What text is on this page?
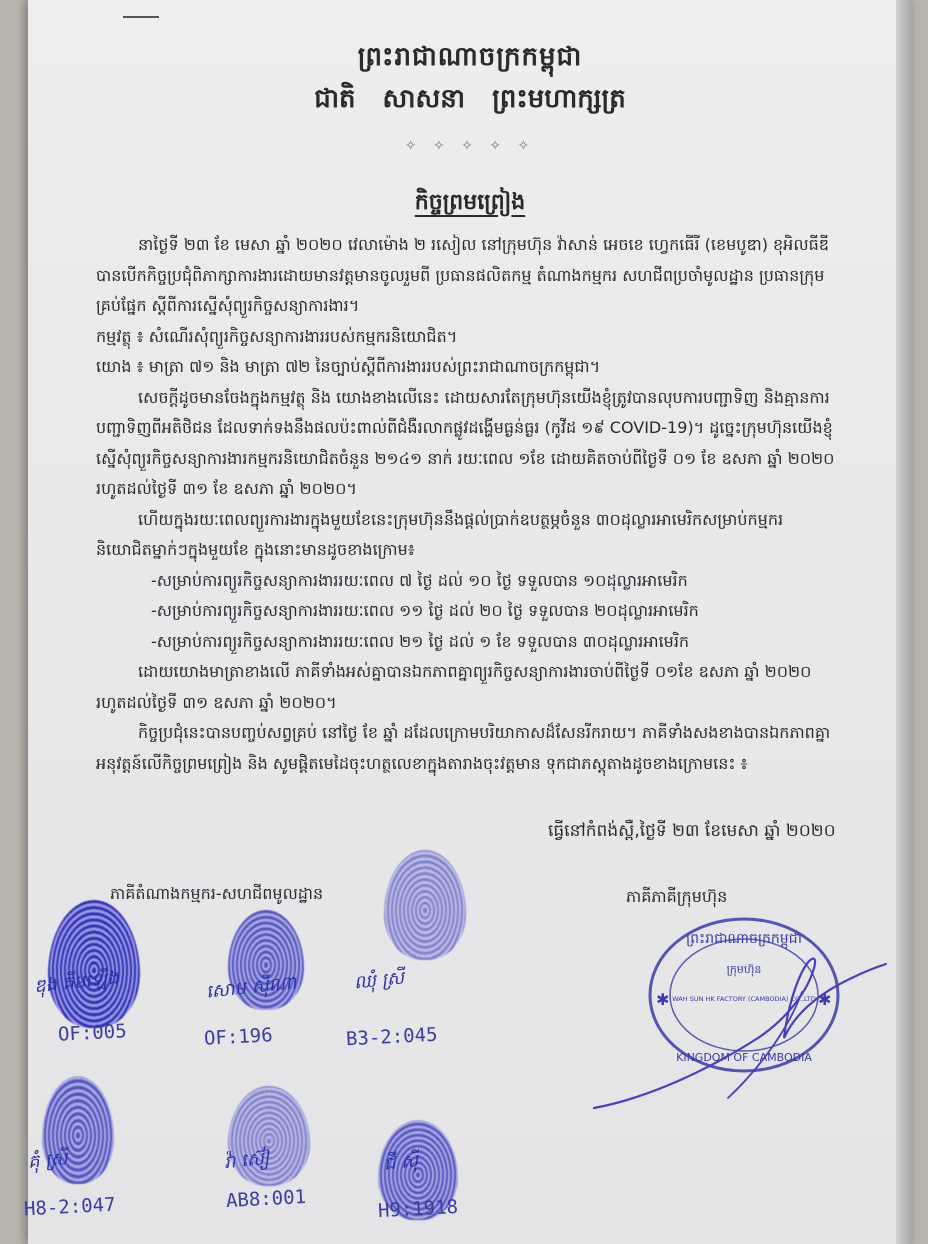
ព្រះរាជាណាចក្រកម្ពុជា
ជាតិ សាសនា ព្រះមហាក្សត្រ
✧ ✧ ✧ ✧ ✧
កិច្ចព្រមព្រៀង

នាថ្ងៃទី ២៣ ខែ មេសា ឆ្នាំ ២០២០ វេលាម៉ោង ២ រសៀល នៅក្រុមហ៊ុន វ៉ាសាន់ អេចខេ ហ្វេកធើរី (ខេមបូឌា) ខុអិលធីឌី បានបើកកិច្ចប្រជុំពិភាក្សាការងារដោយមានវត្តមានចូលរួមពី ប្រធានផលិតកម្ម តំណាងកម្មករ សហជីពប្រចាំមូលដ្ឋាន ប្រធានក្រុមគ្រប់ផ្នែក ស្តីពីការស្នើសុំព្យួរកិច្ចសន្យាការងារ។

កម្មវត្ថុ ៖ សំណើរសុំព្យួរកិច្ចសន្យាការងាររបស់កម្មករនិយោជិត។

យោង ៖ មាត្រា ៧១ និង មាត្រា ៧២ នៃច្បាប់ស្តីពីការងាររបស់ព្រះរាជាណាចក្រកម្ពុជា។

សេចក្តីដូចមានចែងក្នុងកម្មវត្ថុ និង យោងខាងលើនេះ ដោយសារតែក្រុមហ៊ុនយើងខ្ញុំត្រូវបានលុបការបញ្ជាទិញ និងគ្មានការបញ្ជាទិញពីអតិថិជន ដែលទាក់ទងនឹងផលប៉ះពាល់ពីជំងឺរលាកផ្លូវដង្ហើមធ្ងន់ធ្ងរ (កូវីដ ១៩ COVID-19)។ ដូច្នេះក្រុមហ៊ុនយើងខ្ញុំស្នើសុំព្យួរកិច្ចសន្យាការងារកម្មករនិយោជិតចំនួន ២១៤១ នាក់ រយៈពេល ១ខែ ដោយគិតចាប់ពីថ្ងៃទី ០១ ខែ ឧសភា ឆ្នាំ ២០២០ រហូតដល់ថ្ងៃទី ៣១ ខែ ឧសភា ឆ្នាំ ២០២០។

ហើយក្នុងរយៈពេលព្យួរការងារក្នុងមួយខែនេះក្រុមហ៊ុននឹងផ្តល់ប្រាក់ឧបត្ថម្ភចំនួន ៣០ដុល្លារអាមេរិកសម្រាប់កម្មករនិយោជិតម្នាក់ៗក្នុងមួយខែ ក្នុងនោះមានដូចខាងក្រោម៖

-សម្រាប់ការព្យួរកិច្ចសន្យាការងាររយៈពេល ៧ ថ្ងៃ ដល់ ១០ ថ្ងៃ ទទួលបាន ១០ដុល្លារអាមេរិក

-សម្រាប់ការព្យួរកិច្ចសន្យាការងាររយៈពេល ១១ ថ្ងៃ ដល់ ២០ ថ្ងៃ ទទួលបាន ២០ដុល្លារអាមេរិក

-សម្រាប់ការព្យួរកិច្ចសន្យាការងាររយៈពេល ២១ ថ្ងៃ ដល់ ១ ខែ ទទួលបាន ៣០ដុល្លារអាមេរិក

ដោយយោងមាត្រាខាងលើ ភាគីទាំងអស់គ្នាបានឯកភាពគ្នាព្យួរកិច្ចសន្យាការងារចាប់ពីថ្ងៃទី ០១ខែ ឧសភា ឆ្នាំ ២០២០ រហូតដល់ថ្ងៃទី ៣១ ឧសភា ឆ្នាំ ២០២០។

កិច្ចប្រជុំនេះបានបញ្ចប់សព្វគ្រប់ នៅថ្ងៃ ខែ ឆ្នាំ ដដែលក្រោមបរិយាកាសដ៏សែនរីករាយ។ ភាគីទាំងសងខាងបានឯកភាពគ្នាអនុវត្តន៍លើកិច្ចព្រមព្រៀង និង សូមផ្តិតមេដៃចុះហត្ថលេខាក្នុងតារាងចុះវត្តមាន ទុកជាភស្តុតាងដូចខាងក្រោមនេះ ៖

ធ្វើនៅកំពង់ស្ពឺ,ថ្ងៃទី ២៣ ខែមេសា ឆ្នាំ ២០២០
ភាគីតំណាងកម្មករ-សហជីពមូលដ្ឋាន	ភាគីភាគីក្រុមហ៊ុន
ឌុង គីមឡើង
OF:005
សោម ស៊ីណា
OF:196
ឈុំ ស្រី
B3-2:045
គុំ ស្រី
H8-2:047
វ៉ា ស៊ៀ
AB8:001
ជី ស៊ី
H9:1918
ព្រះរាជាណាចក្រកម្ពុជា
ក្រុមហ៊ុន
WAH SUN HK FACTORY (CAMBODIA) CO.,LTD
KINGDOM OF CAMBODIA
✱	✱
